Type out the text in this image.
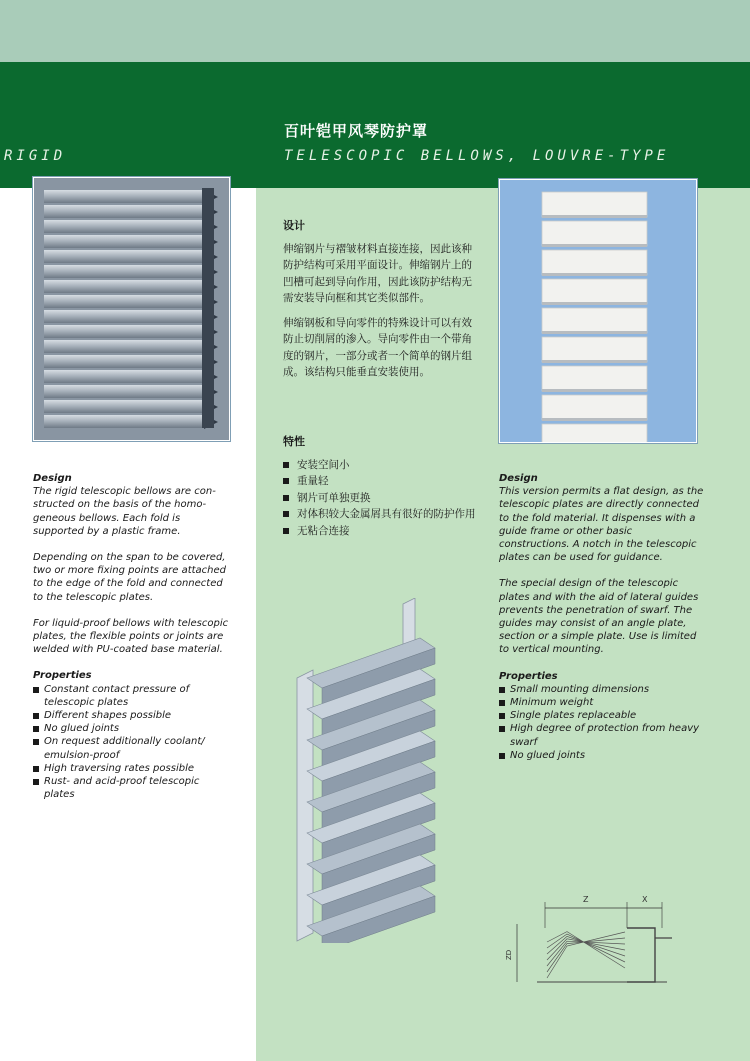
百叶铠甲风琴防护罩
RIGID	TELESCOPIC BELLOWS, LOUVRE-TYPE
Design

The rigid telescopic bellows are con-structed on the basis of the homo-geneous bellows. Each fold is supported by a plastic frame.

Depending on the span to be covered, two or more fixing points are attached to the edge of the fold and connected to the telescopic plates.

For liquid-proof bellows with telescopic plates, the flexible points or joints are welded with PU-coated base material.

Properties
Constant contact pressure of telescopic plates
Different shapes possible
No glued joints
On request additionally coolant/ emulsion-proof
High traversing rates possible
Rust- and acid-proof telescopic plates
设计

伸缩钢片与褶皱材料直接连接，因此该种防护结构可采用平面设计。伸缩钢片上的凹槽可起到导向作用，因此该防护结构无需安装导向框和其它类似部件。

伸缩钢板和导向零件的特殊设计可以有效防止切削屑的渗入。导向零件由一个带角度的钢片，一部分或者一个简单的钢片组成。该结构只能垂直安装使用。

特性
安装空间小
重量轻
钢片可单独更换
对体积较大金属屑具有很好的防护作用
无粘合连接
Design

This version permits a flat design, as the telescopic plates are directly connected to the fold material. It dispenses with a guide frame or other basic constructions. A notch in the telescopic plates can be used for guidance.

The special design of the telescopic plates and with the aid of lateral guides prevents the penetration of swarf. The guides may consist of an angle plate, section or a simple plate. Use is limited to vertical mounting.

Properties
Small mounting dimensions
Minimum weight
Single plates replaceable
High degree of protection from heavy swarf
No glued joints
Z	X
ZD
